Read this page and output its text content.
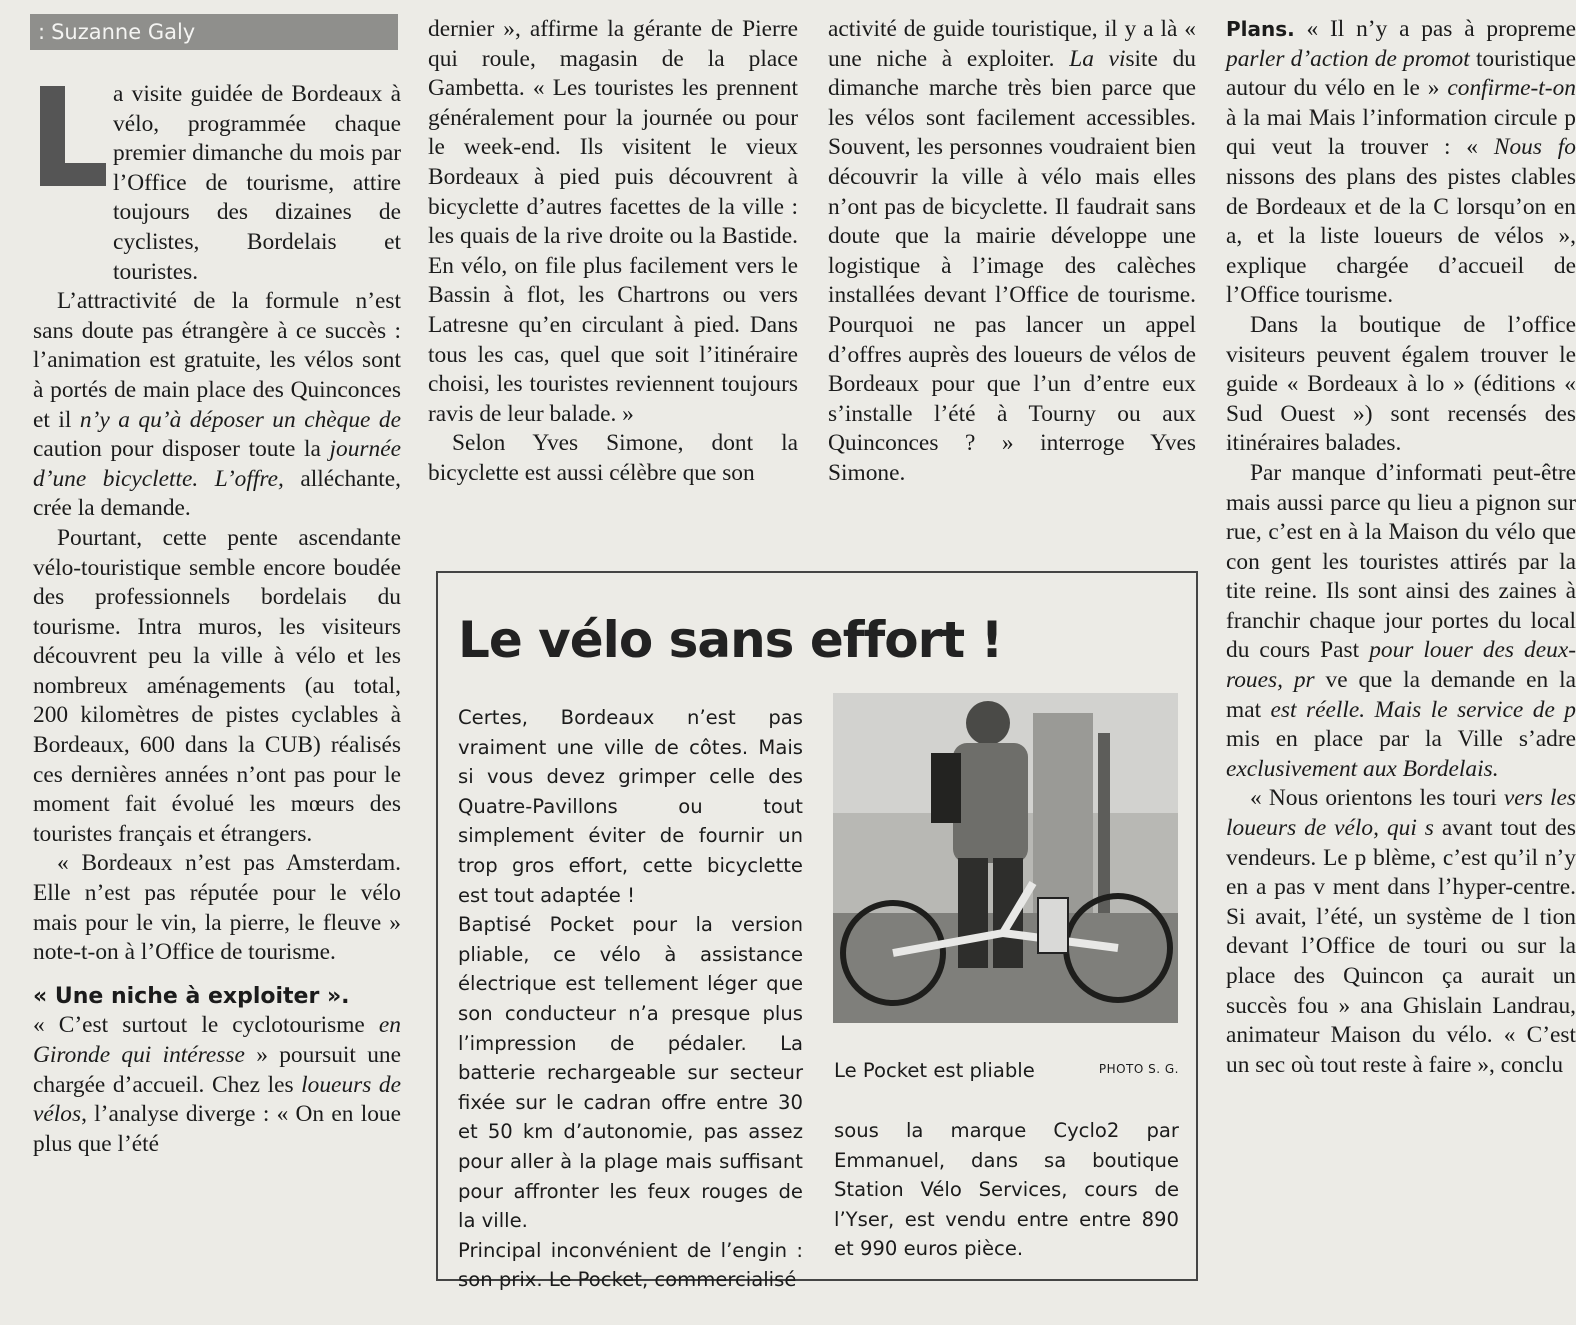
: Suzanne Galy

a visite guidée de Bordeaux à vélo, programmée chaque premier dimanche du mois par l’Office de tourisme, attire toujours des dizaines de cyclistes, Bordelais et touristes.

L’attractivité de la formule n’est sans doute pas étrangère à ce succès : l’animation est gratuite, les vélos sont à portés de main place des Quinconces et il n’y a qu’à déposer un chèque de caution pour disposer toute la journée d’une bicyclette. L’offre, alléchante, crée la demande.

Pourtant, cette pente ascendante vélo-touristique semble encore boudée des professionnels bordelais du tourisme. Intra muros, les visiteurs découvrent peu la ville à vélo et les nombreux aménagements (au total, 200 kilomètres de pistes cyclables à Bordeaux, 600 dans la CUB) réalisés ces dernières années n’ont pas pour le moment fait évolué les mœurs des touristes français et étrangers.

« Bordeaux n’est pas Amsterdam. Elle n’est pas réputée pour le vélo mais pour le vin, la pierre, le fleuve » note-t-on à l’Office de tourisme.

« Une niche à exploiter ».

« C’est surtout le cyclotourisme en Gironde qui intéresse » poursuit une chargée d’accueil. Chez les loueurs de vélos, l’analyse diverge : « On en loue plus que l’été

dernier », affirme la gérante de Pierre qui roule, magasin de la place Gambetta. « Les touristes les prennent généralement pour la journée ou pour le week-end. Ils visitent le vieux Bordeaux à pied puis découvrent à bicyclette d’autres facettes de la ville : les quais de la rive droite ou la Bastide. En vélo, on file plus facilement vers le Bassin à flot, les Chartrons ou vers Latresne qu’en circulant à pied. Dans tous les cas, quel que soit l’itinéraire choisi, les touristes reviennent toujours ravis de leur balade. »

Selon Yves Simone, dont la bicyclette est aussi célèbre que son

activité de guide touristique, il y a là « une niche à exploiter. La visite du dimanche marche très bien parce que les vélos sont facilement accessibles. Souvent, les personnes voudraient bien découvrir la ville à vélo mais elles n’ont pas de bicyclette. Il faudrait sans doute que la mairie développe une logistique à l’image des calèches installées devant l’Office de tourisme. Pourquoi ne pas lancer un appel d’offres auprès des loueurs de vélos de Bordeaux pour que l’un d’entre eux s’installe l’été à Tourny ou aux Quinconces ? » interroge Yves Simone.

Plans. « Il n’y a pas à propreme parler d’action de promot touristique autour du vélo en le » confirme-t-on à la mai Mais l’information circule p qui veut la trouver : « Nous fo nissons des plans des pistes clables de Bordeaux et de la C lorsqu’on en a, et la liste loueurs de vélos », explique chargée d’accueil de l’Office tourisme.

Dans la boutique de l’office visiteurs peuvent égalem trouver le guide « Bordeaux à lo » (éditions « Sud Ouest ») sont recensés des itinéraires balades.

Par manque d’informati peut-être mais aussi parce qu lieu a pignon sur rue, c’est en à la Maison du vélo que con gent les touristes attirés par la tite reine. Ils sont ainsi des zaines à franchir chaque jour portes du local du cours Past pour louer des deux-roues, pr ve que la demande en la mat est réelle. Mais le service de p mis en place par la Ville s’adre exclusivement aux Bordelais.

« Nous orientons les touri vers les loueurs de vélo, qui s avant tout des vendeurs. Le p blème, c’est qu’il n’y en a pas v ment dans l’hyper-centre. Si avait, l’été, un système de l tion devant l’Office de touri ou sur la place des Quincon ça aurait un succès fou » ana Ghislain Landrau, animateur Maison du vélo. « C’est un sec où tout reste à faire », conclu

Le vélo sans effort !

Certes, Bordeaux n’est pas vraiment une ville de côtes. Mais si vous devez grimper celle des Quatre-Pavillons ou tout simplement éviter de fournir un trop gros effort, cette bicyclette est tout adaptée !

Baptisé Pocket pour la version pliable, ce vélo à assistance électrique est tellement léger que son conducteur n’a presque plus l’impression de pédaler. La batterie rechargeable sur secteur fixée sur le cadran offre entre 30 et 50 km d’autonomie, pas assez pour aller à la plage mais suffisant pour affronter les feux rouges de la ville.

Principal inconvénient de l’engin : son prix. Le Pocket, commercialisé

Le Pocket est pliable	PHOTO S. G.

sous la marque Cyclo2 par Emmanuel, dans sa boutique Station Vélo Services, cours de l’Yser, est vendu entre entre 890 et 990 euros pièce.
